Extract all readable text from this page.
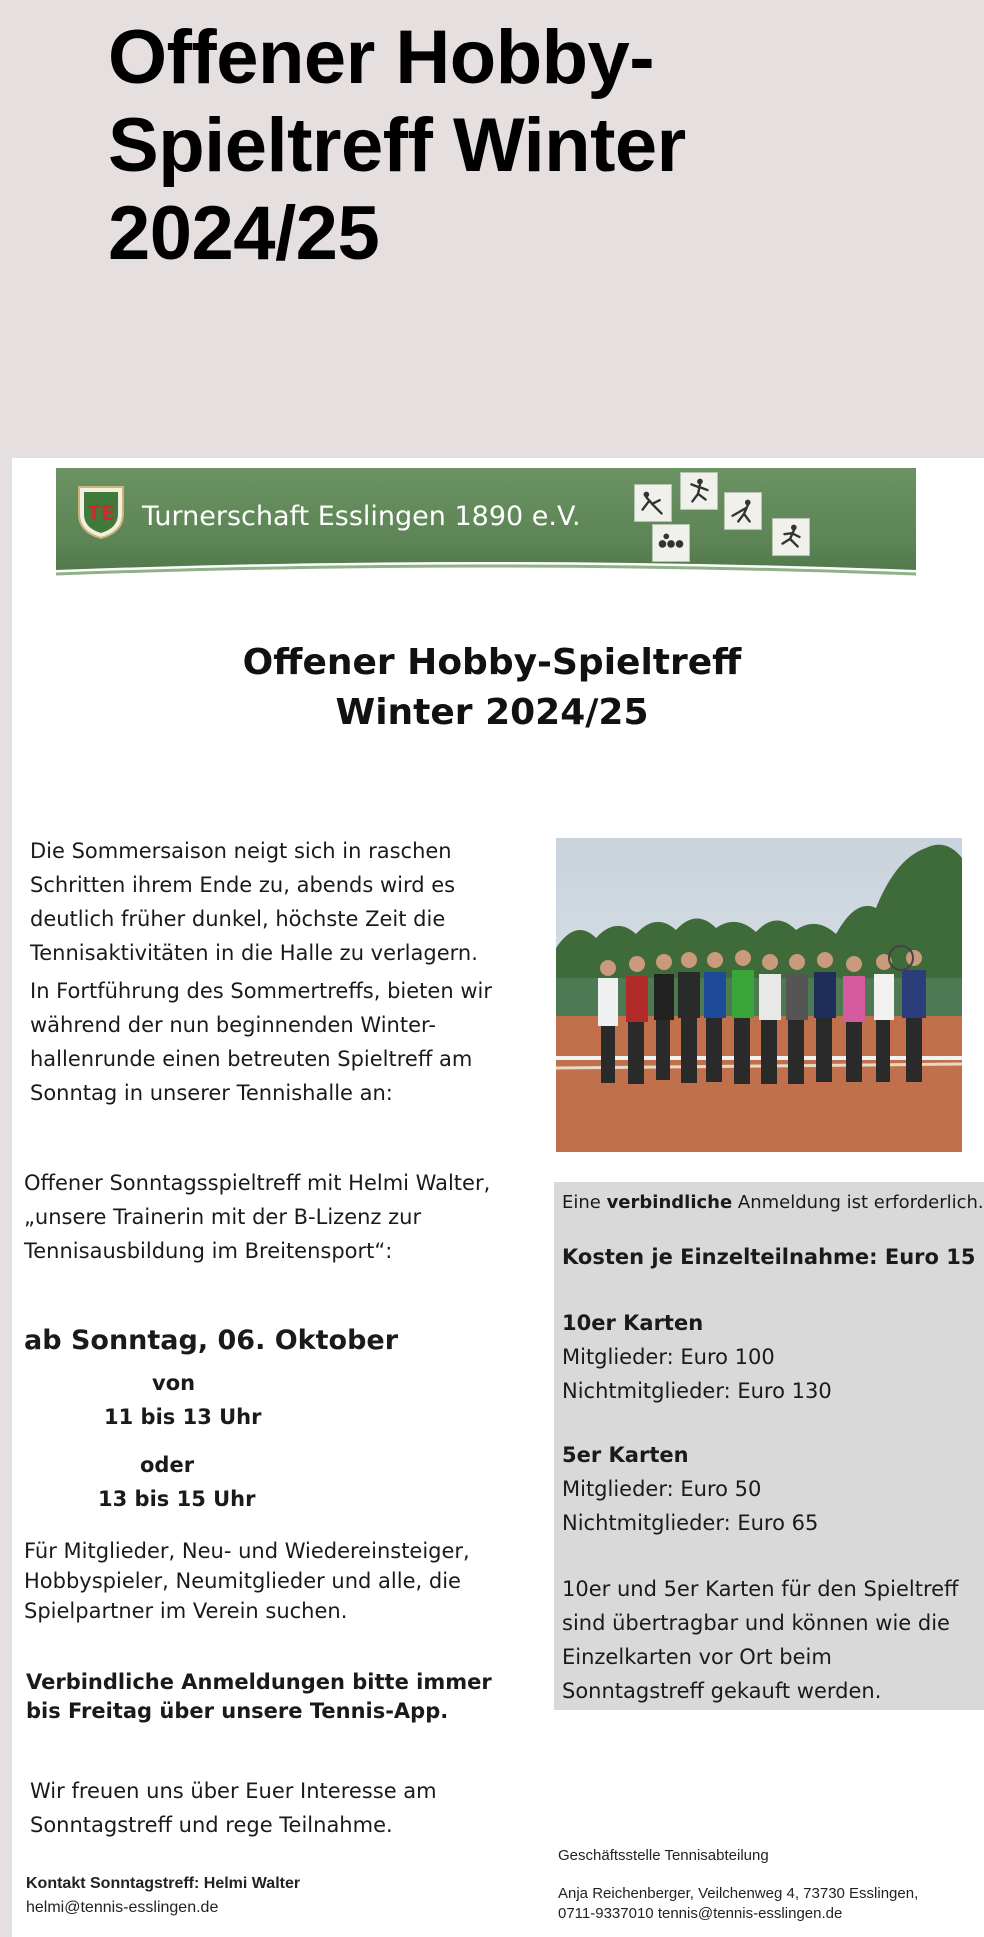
Offener Hobby-
Spieltreff Winter
2024/25
TE Turnerschaft Esslingen 1890 e.V.
Offener Hobby-Spieltreff
Winter 2024/25
Die Sommersaison neigt sich in raschen
Schritten ihrem Ende zu, abends wird es
deutlich früher dunkel, höchste Zeit die
Tennisaktivitäten in die Halle zu verlagern.
In Fortführung des Sommertreffs, bieten wir
während der nun beginnenden Winter-
hallenrunde einen betreuten Spieltreff am
Sonntag in unserer Tennishalle an:
Offener Sonntagsspieltreff mit Helmi Walter,
„unsere Trainerin mit der B-Lizenz zur
Tennisausbildung im Breitensport“:
ab Sonntag, 06. Oktober
von
11 bis 13 Uhr
oder
13 bis 15 Uhr
Für Mitglieder, Neu- und Wiedereinsteiger,
Hobbyspieler, Neumitglieder und alle, die
Spielpartner im Verein suchen.
Verbindliche Anmeldungen bitte immer
bis Freitag über unsere Tennis-App.
Wir freuen uns über Euer Interesse am
Sonntagstreff und rege Teilnahme.
Kontakt Sonntagstreff: Helmi Walter
helmi@tennis-esslingen.de
Eine verbindliche Anmeldung ist erforderlich.
Kosten je Einzelteilnahme: Euro 15
10er Karten
Mitglieder: Euro 100
Nichtmitglieder: Euro 130
5er Karten
Mitglieder: Euro 50
Nichtmitglieder: Euro 65
10er und 5er Karten für den Spieltreff
sind übertragbar und können wie die
Einzelkarten vor Ort beim
Sonntagstreff gekauft werden.
Geschäftsstelle Tennisabteilung
Anja Reichenberger, Veilchenweg 4, 73730 Esslingen,
0711-9337010 tennis@tennis-esslingen.de
